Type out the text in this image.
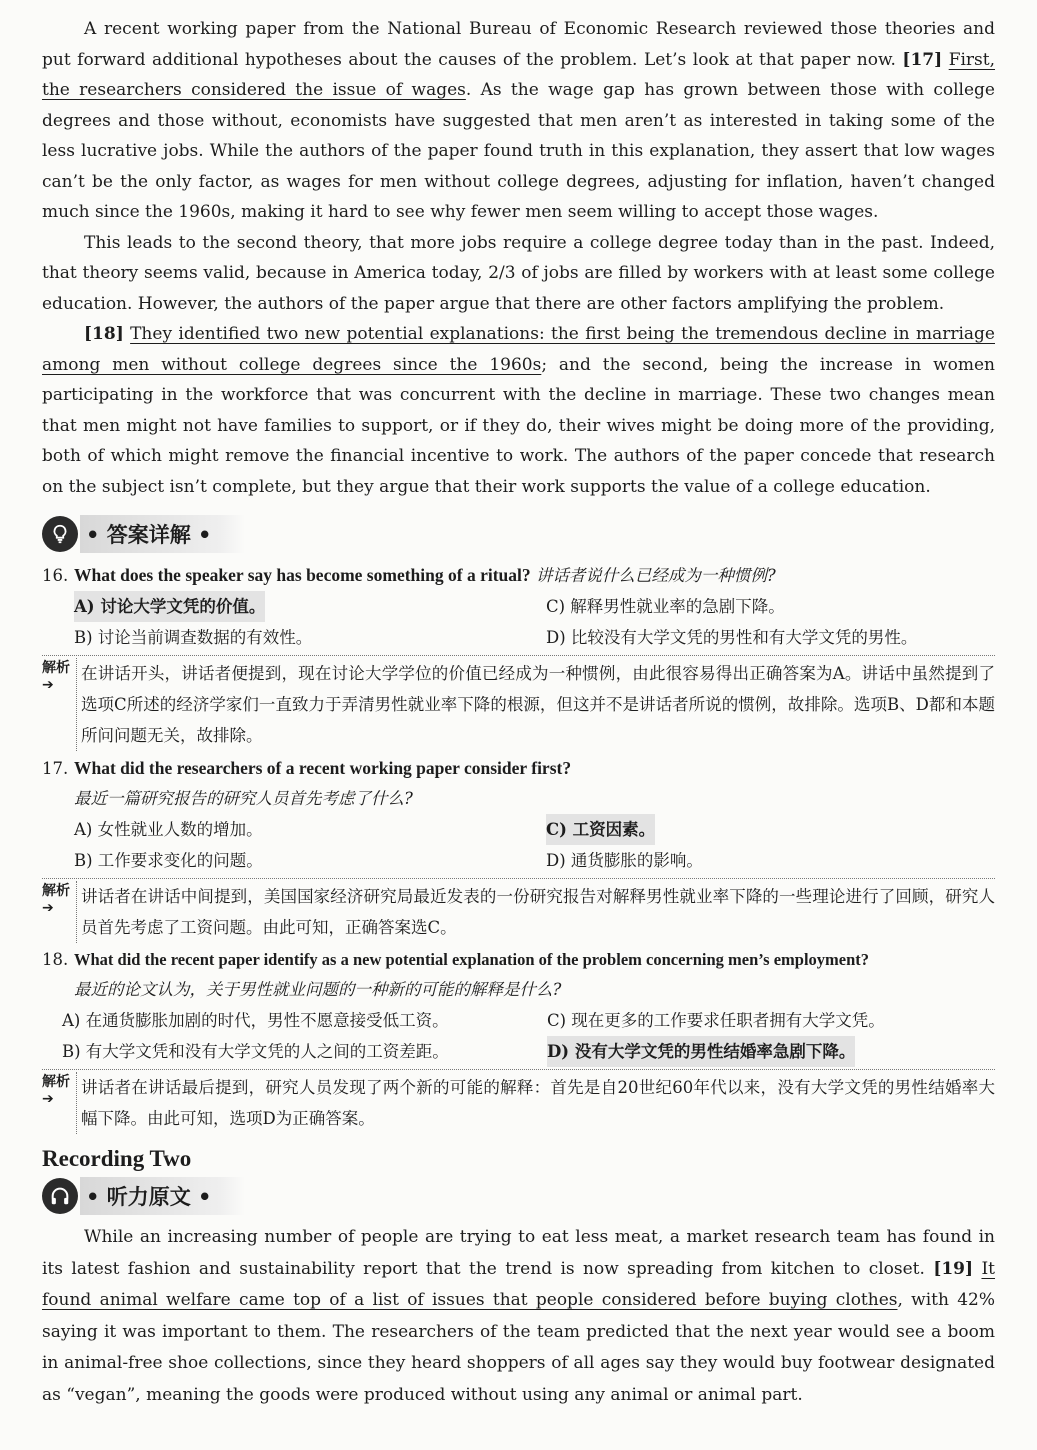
A recent working paper from the National Bureau of Economic Research reviewed those theories and put forward additional hypotheses about the causes of the problem. Let’s look at that paper now. [17] First, the researchers considered the issue of wages. As the wage gap has grown between those with college degrees and those without, economists have suggested that men aren’t as interested in taking some of the less lucrative jobs. While the authors of the paper found truth in this explanation, they assert that low wages can’t be the only factor, as wages for men without college degrees, adjusting for inflation, haven’t changed much since the 1960s, making it hard to see why fewer men seem willing to accept those wages.

This leads to the second theory, that more jobs require a college degree today than in the past. Indeed, that theory seems valid, because in America today, 2/3 of jobs are filled by workers with at least some college education. However, the authors of the paper argue that there are other factors amplifying the problem.

[18] They identified two new potential explanations: the first being the tremendous decline in marriage among men without college degrees since the 1960s; and the second, being the increase in women participating in the workforce that was concurrent with the decline in marriage. These two changes mean that men might not have families to support, or if they do, their wives might be doing more of the providing, both of which might remove the financial incentive to work. The authors of the paper concede that research on the subject isn’t complete, but they argue that their work supports the value of a college education.

• 答案详解 •

16. What does the speaker say has become something of a ritual? 讲话者说什么已经成为一种惯例?

A) 讨论大学文凭的价值。	C) 解释男性就业率的急剧下降。
B) 讨论当前调查数据的有效性。	D) 比较没有大学文凭的男性和有大学文凭的男性。
解析 ➔
在讲话开头，讲话者便提到，现在讨论大学学位的价值已经成为一种惯例，由此很容易得出正确答案为A。讲话中虽然提到了选项C所述的经济学家们一直致力于弄清男性就业率下降的根源，但这并不是讲话者所说的惯例，故排除。选项B、D都和本题所问问题无关，故排除。

17. What did the researchers of a recent working paper consider first?

最近一篇研究报告的研究人员首先考虑了什么?

A) 女性就业人数的增加。	C) 工资因素。
B) 工作要求变化的问题。	D) 通货膨胀的影响。
解析 ➔
讲话者在讲话中间提到，美国国家经济研究局最近发表的一份研究报告对解释男性就业率下降的一些理论进行了回顾，研究人员首先考虑了工资问题。由此可知，正确答案选C。

18. What did the recent paper identify as a new potential explanation of the problem concerning men’s employment?

最近的论文认为，关于男性就业问题的一种新的可能的解释是什么?

A) 在通货膨胀加剧的时代，男性不愿意接受低工资。	C) 现在更多的工作要求任职者拥有大学文凭。
B) 有大学文凭和没有大学文凭的人之间的工资差距。	D) 没有大学文凭的男性结婚率急剧下降。
解析 ➔
讲话者在讲话最后提到，研究人员发现了两个新的可能的解释：首先是自20世纪60年代以来，没有大学文凭的男性结婚率大幅下降。由此可知，选项D为正确答案。
Recording Two
• 听力原文 •

While an increasing number of people are trying to eat less meat, a market research team has found in its latest fashion and sustainability report that the trend is now spreading from kitchen to closet. [19] It found animal welfare came top of a list of issues that people considered before buying clothes, with 42% saying it was important to them. The researchers of the team predicted that the next year would see a boom in animal-free shoe collections, since they heard shoppers of all ages say they would buy footwear designated as “vegan”, meaning the goods were produced without using any animal or animal part.
